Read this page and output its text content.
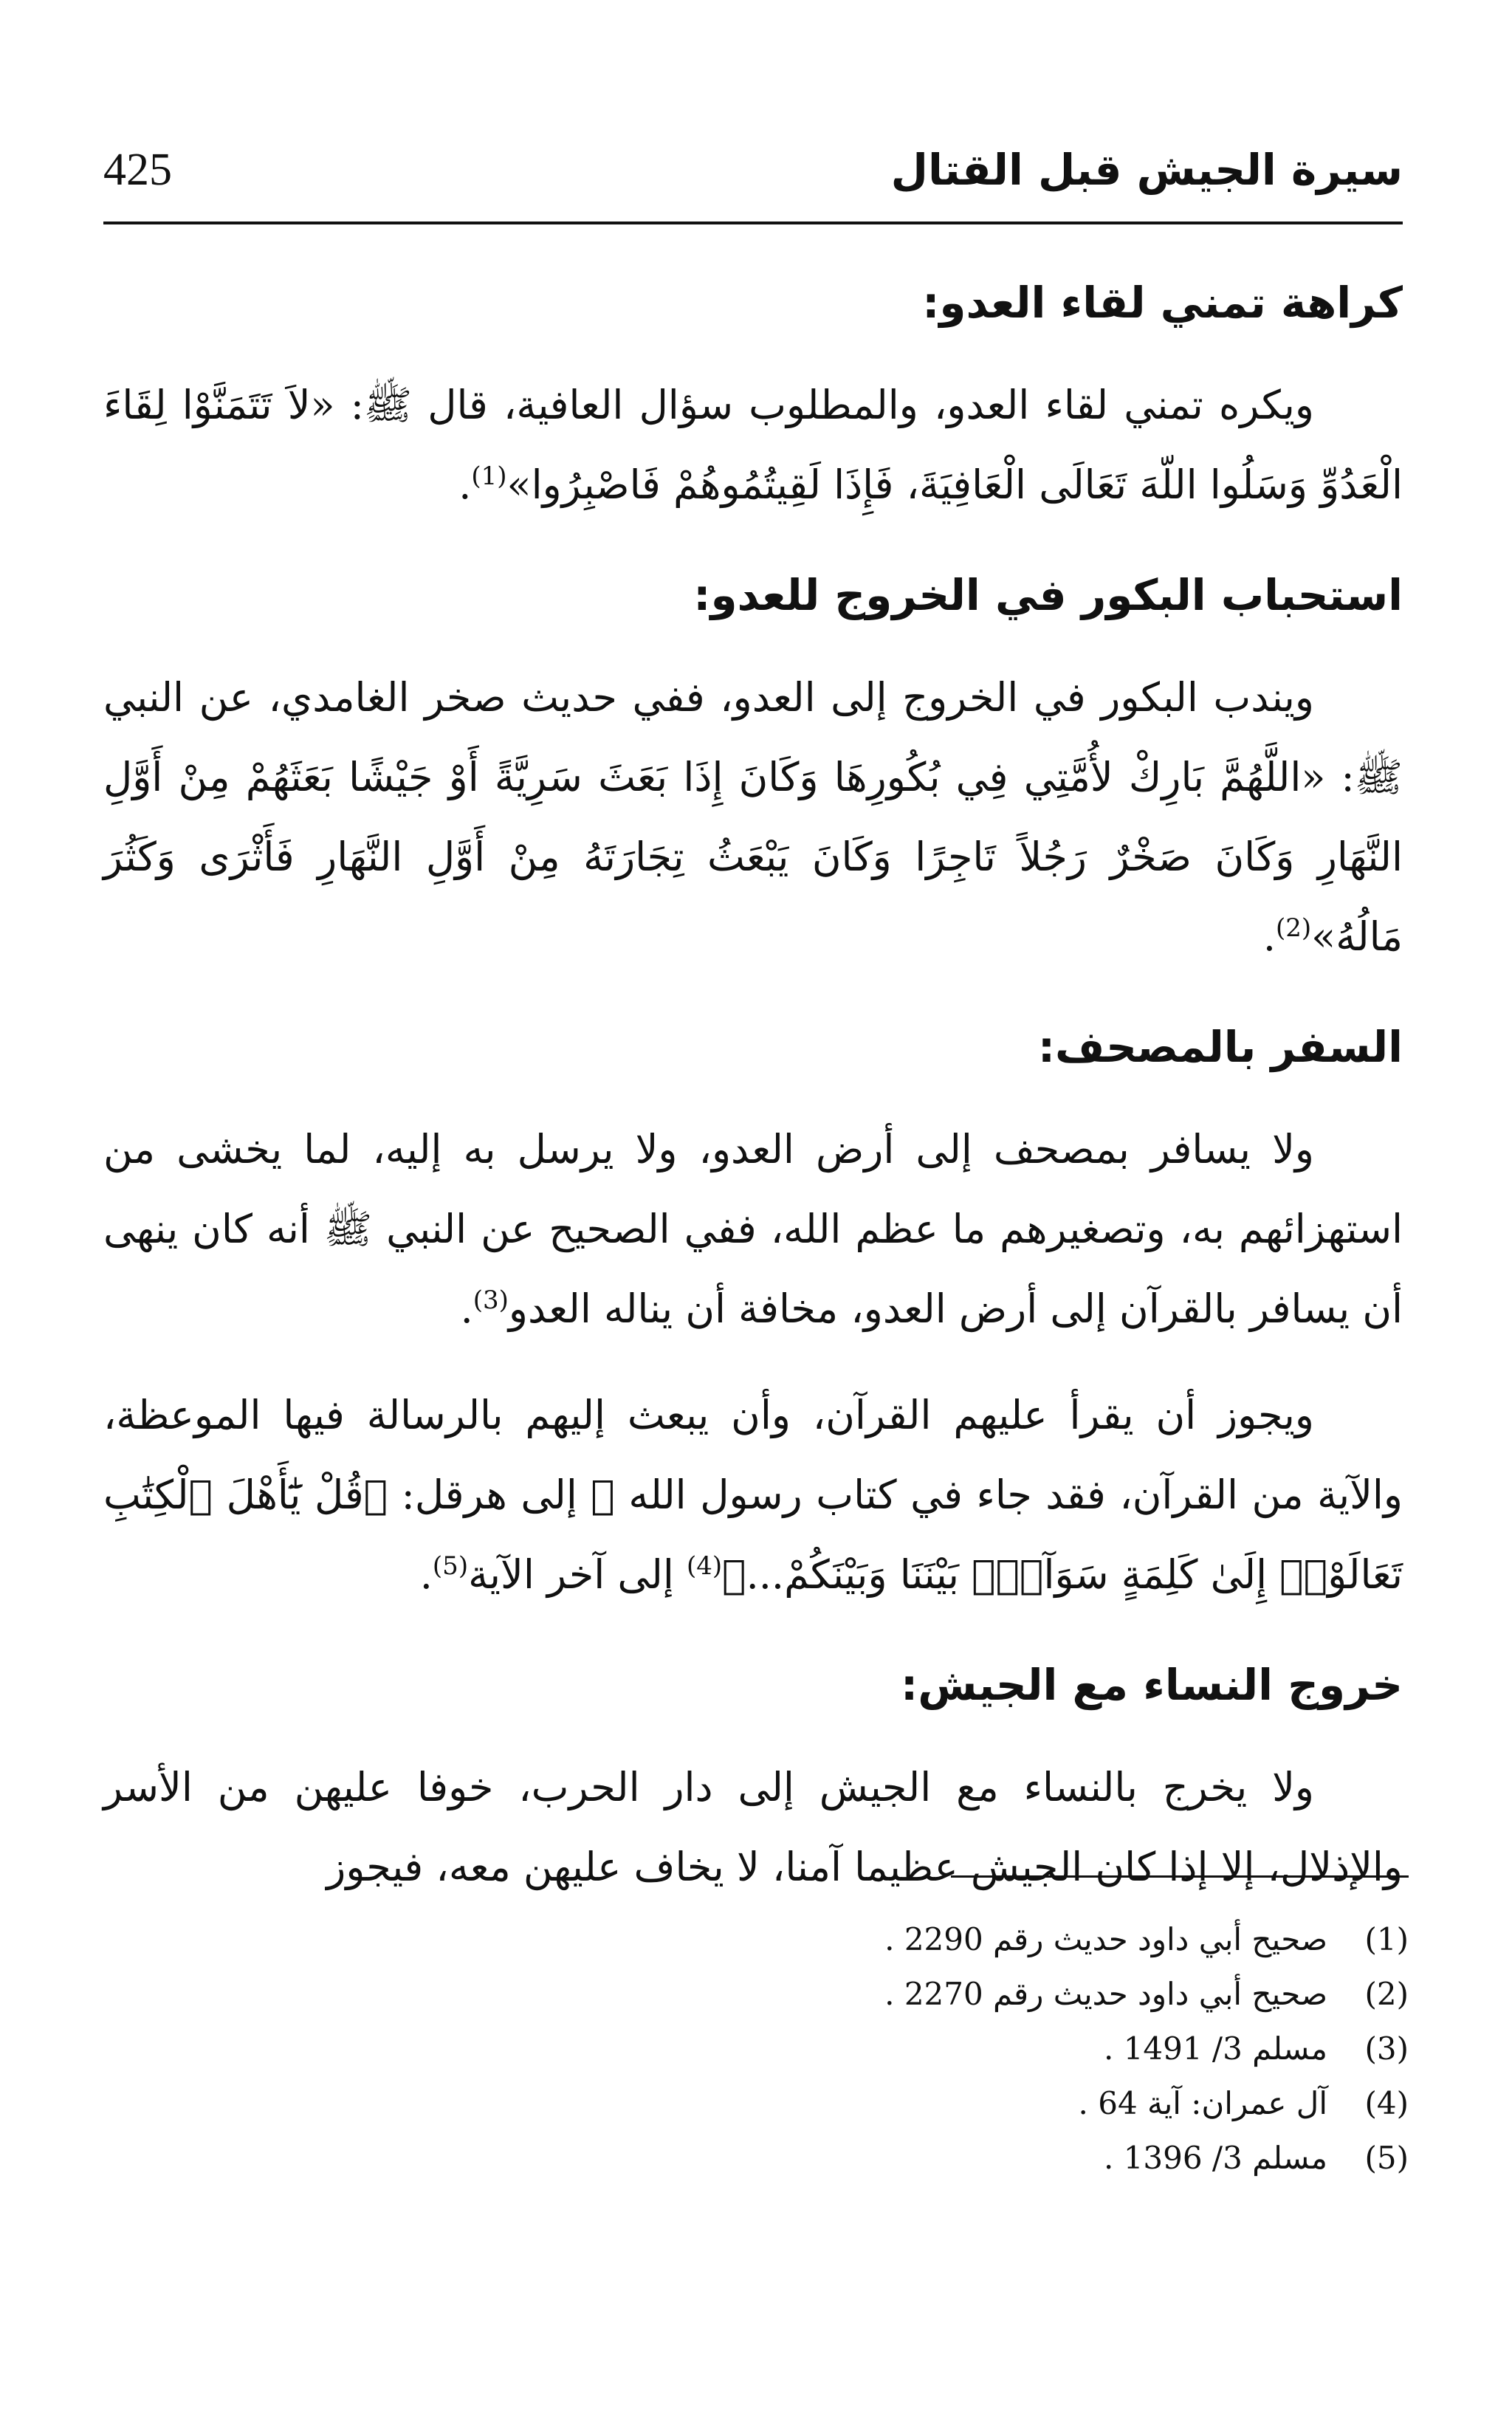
سيرة الجيش قبل القتال
425
كراهة تمني لقاء العدو:

ويكره تمني لقاء العدو، والمطلوب سؤال العافية، قال ﷺ: «لاَ تَتَمَنَّوْا لِقَاءَ الْعَدُوِّ وَسَلُوا اللّهَ تَعَالَى الْعَافِيَةَ، فَإِذَا لَقِيتُمُوهُمْ فَاصْبِرُوا»$^{(1)}$.

استحباب البكور في الخروج للعدو:

ويندب البكور في الخروج إلى العدو، ففي حديث صخر الغامدي، عن النبي ﷺ: «اللَّهُمَّ بَارِكْ لأُمَّتِي فِي بُكُورِهَا وَكَانَ إِذَا بَعَثَ سَرِيَّةً أَوْ جَيْشًا بَعَثَهُمْ مِنْ أَوَّلِ النَّهَارِ وَكَانَ صَخْرٌ رَجُلاً تَاجِرًا وَكَانَ يَبْعَثُ تِجَارَتَهُ مِنْ أَوَّلِ النَّهَارِ فَأَثْرَى وَكَثُرَ مَالُهُ»$^{(2)}$.

السفر بالمصحف:

ولا يسافر بمصحف إلى أرض العدو، ولا يرسل به إليه، لما يخشى من استهزائهم به، وتصغيرهم ما عظم الله، ففي الصحيح عن النبي ﷺ أنه كان ينهى أن يسافر بالقرآن إلى أرض العدو، مخافة أن يناله العدو$^{(3)}$.

ويجوز أن يقرأ عليهم القرآن، وأن يبعث إليهم بالرسالة فيها الموعظة، والآية من القرآن، فقد جاء في كتاب رسول الله ﷺ إلى هرقل: ﴿قُلْ يَٰٓأَهْلَ ٱلْكِتَٰبِ تَعَالَوْا۟ إِلَىٰ كَلِمَةٍ سَوَآءٍۭ بَيْنَنَا وَبَيْنَكُمْ...﴾$^{(4)}$ إلى آخر الآية$^{(5)}$.

خروج النساء مع الجيش:

ولا يخرج بالنساء مع الجيش إلى دار الحرب، خوفا عليهن من الأسر والإذلال، إلا إذا كان الجيش عظيما آمنا، لا يخاف عليهن معه، فيجوز

(1)
صحيح أبي داود حديث رقم 2290 .
(2)
صحيح أبي داود حديث رقم 2270 .
(3)
مسلم 3/ 1491 .
(4)
آل عمران: آية 64 .
(5)
مسلم 3/ 1396 .
